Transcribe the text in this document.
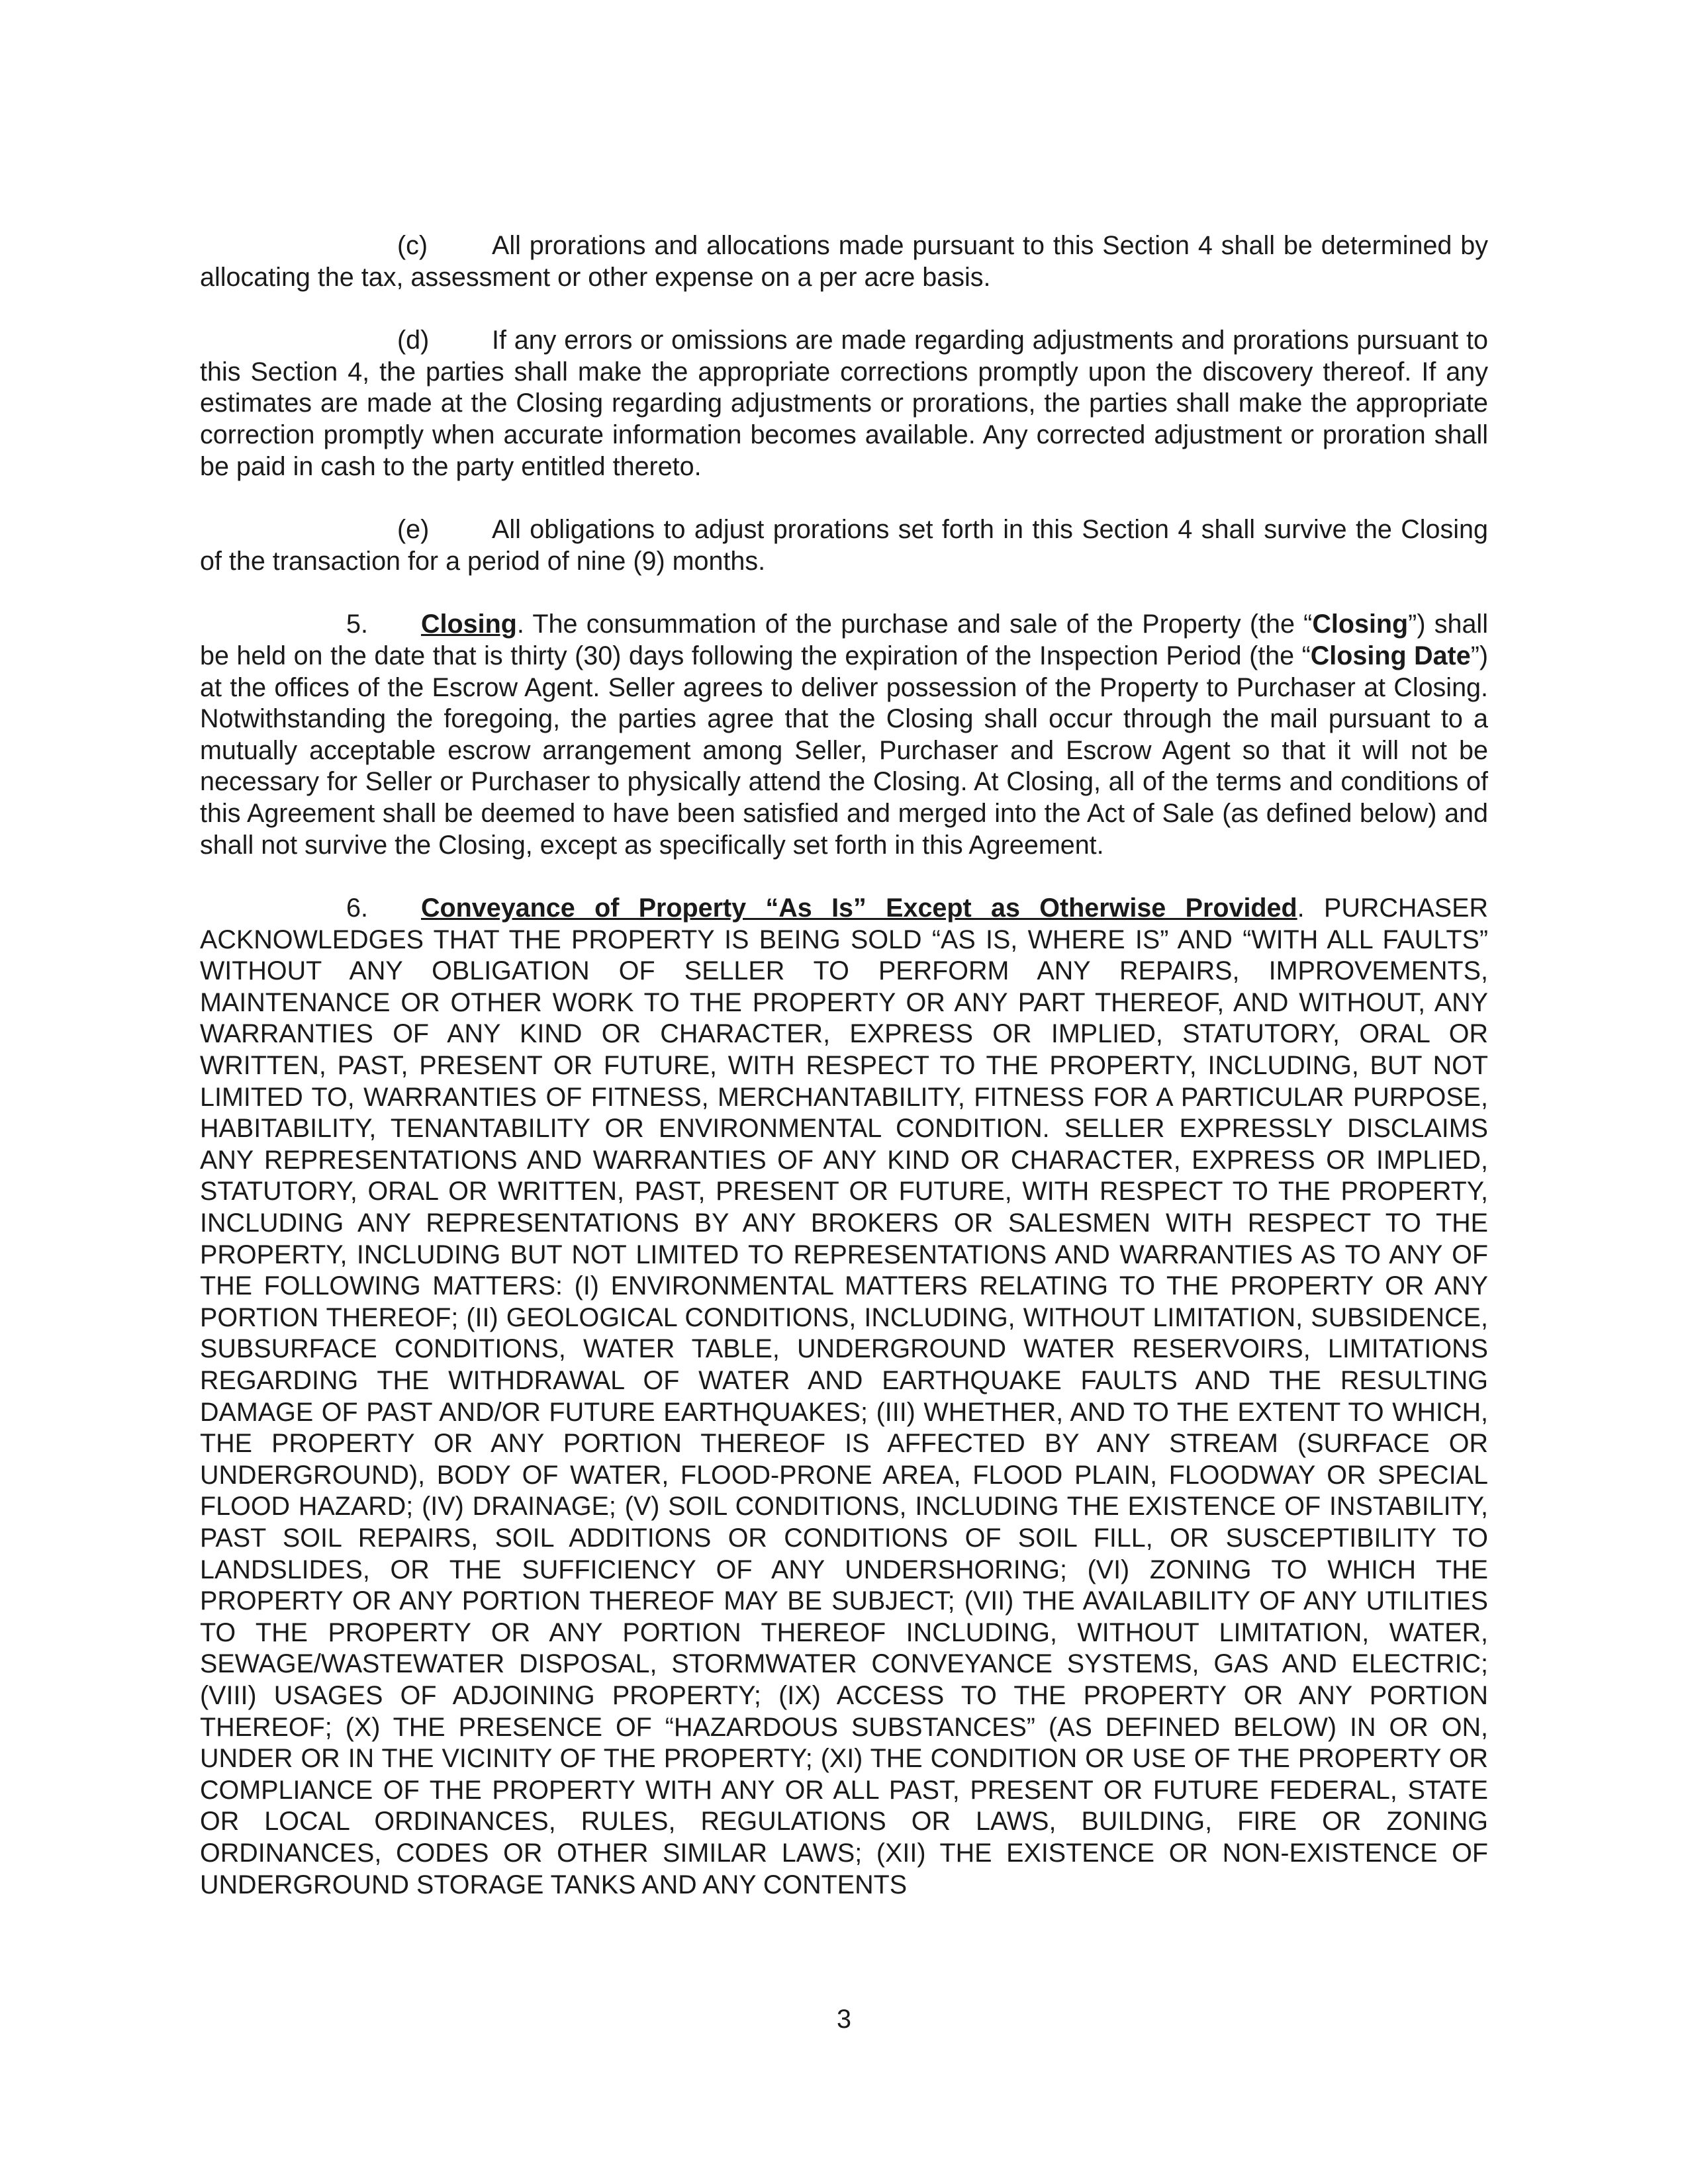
(c) All prorations and allocations made pursuant to this Section 4 shall be determined by allocating the tax, assessment or other expense on a per acre basis.

(d) If any errors or omissions are made regarding adjustments and prorations pursuant to this Section 4, the parties shall make the appropriate corrections promptly upon the discovery thereof. If any estimates are made at the Closing regarding adjustments or prorations, the parties shall make the appropriate correction promptly when accurate information becomes available. Any corrected adjustment or proration shall be paid in cash to the party entitled thereto.

(e) All obligations to adjust prorations set forth in this Section 4 shall survive the Closing of the transaction for a period of nine (9) months.

5. Closing. The consummation of the purchase and sale of the Property (the “Closing”) shall be held on the date that is thirty (30) days following the expiration of the Inspection Period (the “Closing Date”) at the offices of the Escrow Agent. Seller agrees to deliver possession of the Property to Purchaser at Closing. Notwithstanding the foregoing, the parties agree that the Closing shall occur through the mail pursuant to a mutually acceptable escrow arrangement among Seller, Purchaser and Escrow Agent so that it will not be necessary for Seller or Purchaser to physically attend the Closing. At Closing, all of the terms and conditions of this Agreement shall be deemed to have been satisfied and merged into the Act of Sale (as defined below) and shall not survive the Closing, except as specifically set forth in this Agreement.

6. Conveyance of Property “As Is” Except as Otherwise Provided. PURCHASER ACKNOWLEDGES THAT THE PROPERTY IS BEING SOLD “AS IS, WHERE IS” AND “WITH ALL FAULTS” WITHOUT ANY OBLIGATION OF SELLER TO PERFORM ANY REPAIRS, IMPROVEMENTS, MAINTENANCE OR OTHER WORK TO THE PROPERTY OR ANY PART THEREOF, AND WITHOUT, ANY WARRANTIES OF ANY KIND OR CHARACTER, EXPRESS OR IMPLIED, STATUTORY, ORAL OR WRITTEN, PAST, PRESENT OR FUTURE, WITH RESPECT TO THE PROPERTY, INCLUDING, BUT NOT LIMITED TO, WARRANTIES OF FITNESS, MERCHANTABILITY, FITNESS FOR A PARTICULAR PURPOSE, HABITABILITY, TENANTABILITY OR ENVIRONMENTAL CONDITION. SELLER EXPRESSLY DISCLAIMS ANY REPRESENTATIONS AND WARRANTIES OF ANY KIND OR CHARACTER, EXPRESS OR IMPLIED, STATUTORY, ORAL OR WRITTEN, PAST, PRESENT OR FUTURE, WITH RESPECT TO THE PROPERTY, INCLUDING ANY REPRESENTATIONS BY ANY BROKERS OR SALESMEN WITH RESPECT TO THE PROPERTY, INCLUDING BUT NOT LIMITED TO REPRESENTATIONS AND WARRANTIES AS TO ANY OF THE FOLLOWING MATTERS: (I) ENVIRONMENTAL MATTERS RELATING TO THE PROPERTY OR ANY PORTION THEREOF; (II) GEOLOGICAL CONDITIONS, INCLUDING, WITHOUT LIMITATION, SUBSIDENCE, SUBSURFACE CONDITIONS, WATER TABLE, UNDERGROUND WATER RESERVOIRS, LIMITATIONS REGARDING THE WITHDRAWAL OF WATER AND EARTHQUAKE FAULTS AND THE RESULTING DAMAGE OF PAST AND/OR FUTURE EARTHQUAKES; (III) WHETHER, AND TO THE EXTENT TO WHICH, THE PROPERTY OR ANY PORTION THEREOF IS AFFECTED BY ANY STREAM (SURFACE OR UNDERGROUND), BODY OF WATER, FLOOD-PRONE AREA, FLOOD PLAIN, FLOODWAY OR SPECIAL FLOOD HAZARD; (IV) DRAINAGE; (V) SOIL CONDITIONS, INCLUDING THE EXISTENCE OF INSTABILITY, PAST SOIL REPAIRS, SOIL ADDITIONS OR CONDITIONS OF SOIL FILL, OR SUSCEPTIBILITY TO LANDSLIDES, OR THE SUFFICIENCY OF ANY UNDERSHORING; (VI) ZONING TO WHICH THE PROPERTY OR ANY PORTION THEREOF MAY BE SUBJECT; (VII) THE AVAILABILITY OF ANY UTILITIES TO THE PROPERTY OR ANY PORTION THEREOF INCLUDING, WITHOUT LIMITATION, WATER, SEWAGE/WASTEWATER DISPOSAL, STORMWATER CONVEYANCE SYSTEMS, GAS AND ELECTRIC; (VIII) USAGES OF ADJOINING PROPERTY; (IX) ACCESS TO THE PROPERTY OR ANY PORTION THEREOF; (X) THE PRESENCE OF “HAZARDOUS SUBSTANCES” (AS DEFINED BELOW) IN OR ON, UNDER OR IN THE VICINITY OF THE PROPERTY; (XI) THE CONDITION OR USE OF THE PROPERTY OR COMPLIANCE OF THE PROPERTY WITH ANY OR ALL PAST, PRESENT OR FUTURE FEDERAL, STATE OR LOCAL ORDINANCES, RULES, REGULATIONS OR LAWS, BUILDING, FIRE OR ZONING ORDINANCES, CODES OR OTHER SIMILAR LAWS; (XII) THE EXISTENCE OR NON-EXISTENCE OF UNDERGROUND STORAGE TANKS AND ANY CONTENTS

3
